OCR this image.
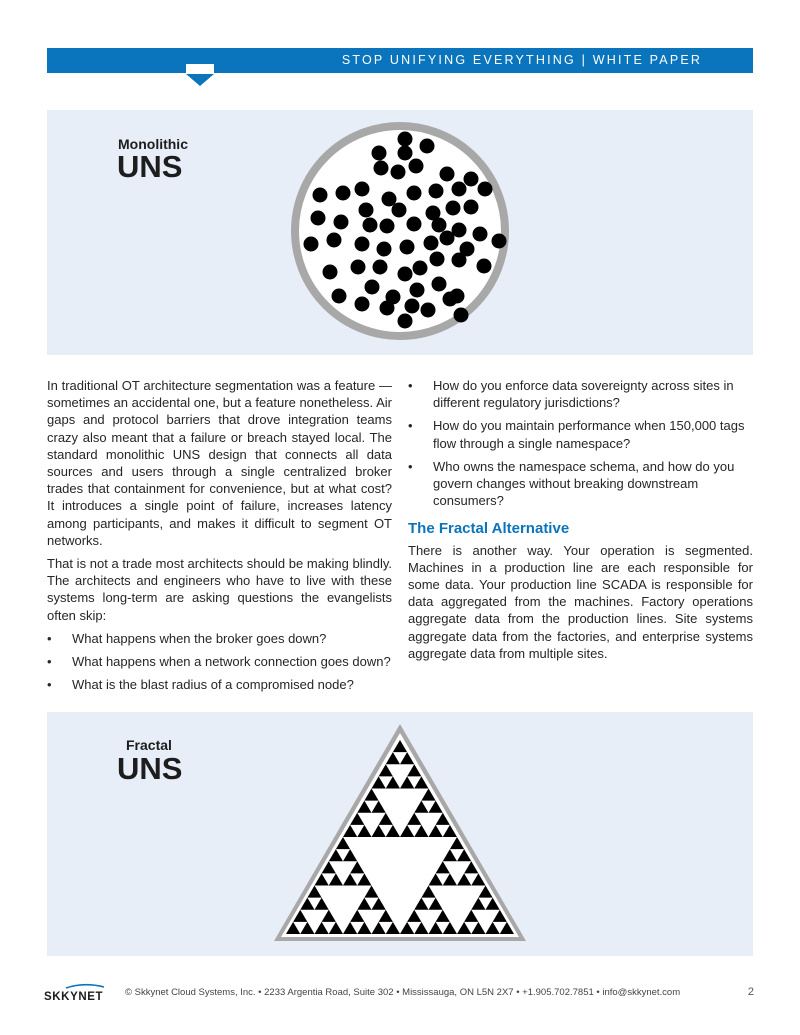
STOP UNIFYING EVERYTHING | WHITE PAPER
Monolithic
UNS

In traditional OT architecture segmentation was a feature — sometimes an accidental one, but a feature nonetheless. Air gaps and protocol barriers that drove integration teams crazy also meant that a failure or breach stayed local. The standard monolithic UNS design that connects all data sources and users through a single centralized broker trades that containment for convenience, but at what cost? It introduces a single point of failure, increases latency among participants, and makes it difficult to segment OT networks.

That is not a trade most architects should be making blindly. The architects and engineers who have to live with these systems long-term are asking questions the evangelists often skip:

• What happens when the broker goes down?
• What happens when a network connection goes down?
• What is the blast radius of a compromised node?
• How do you enforce data sovereignty across sites in different regulatory jurisdictions?
• How do you maintain performance when 150,000 tags flow through a single namespace?
• Who owns the namespace schema, and how do you govern changes without breaking downstream consumers?
The Fractal Alternative

There is another way. Your operation is segmented. Machines in a production line are each responsible for some data. Your production line SCADA is responsible for data aggregated from the machines. Factory operations aggregate data from the production lines. Site systems aggregate data from the factories, and enterprise systems aggregate data from multiple sites.

Fractal
UNS
SKKYNET © Skkynet Cloud Systems, Inc. • 2233 Argentia Road, Suite 302 • Mississauga, ON L5N 2X7 • +1.905.702.7851 • info@skkynet.com	2
